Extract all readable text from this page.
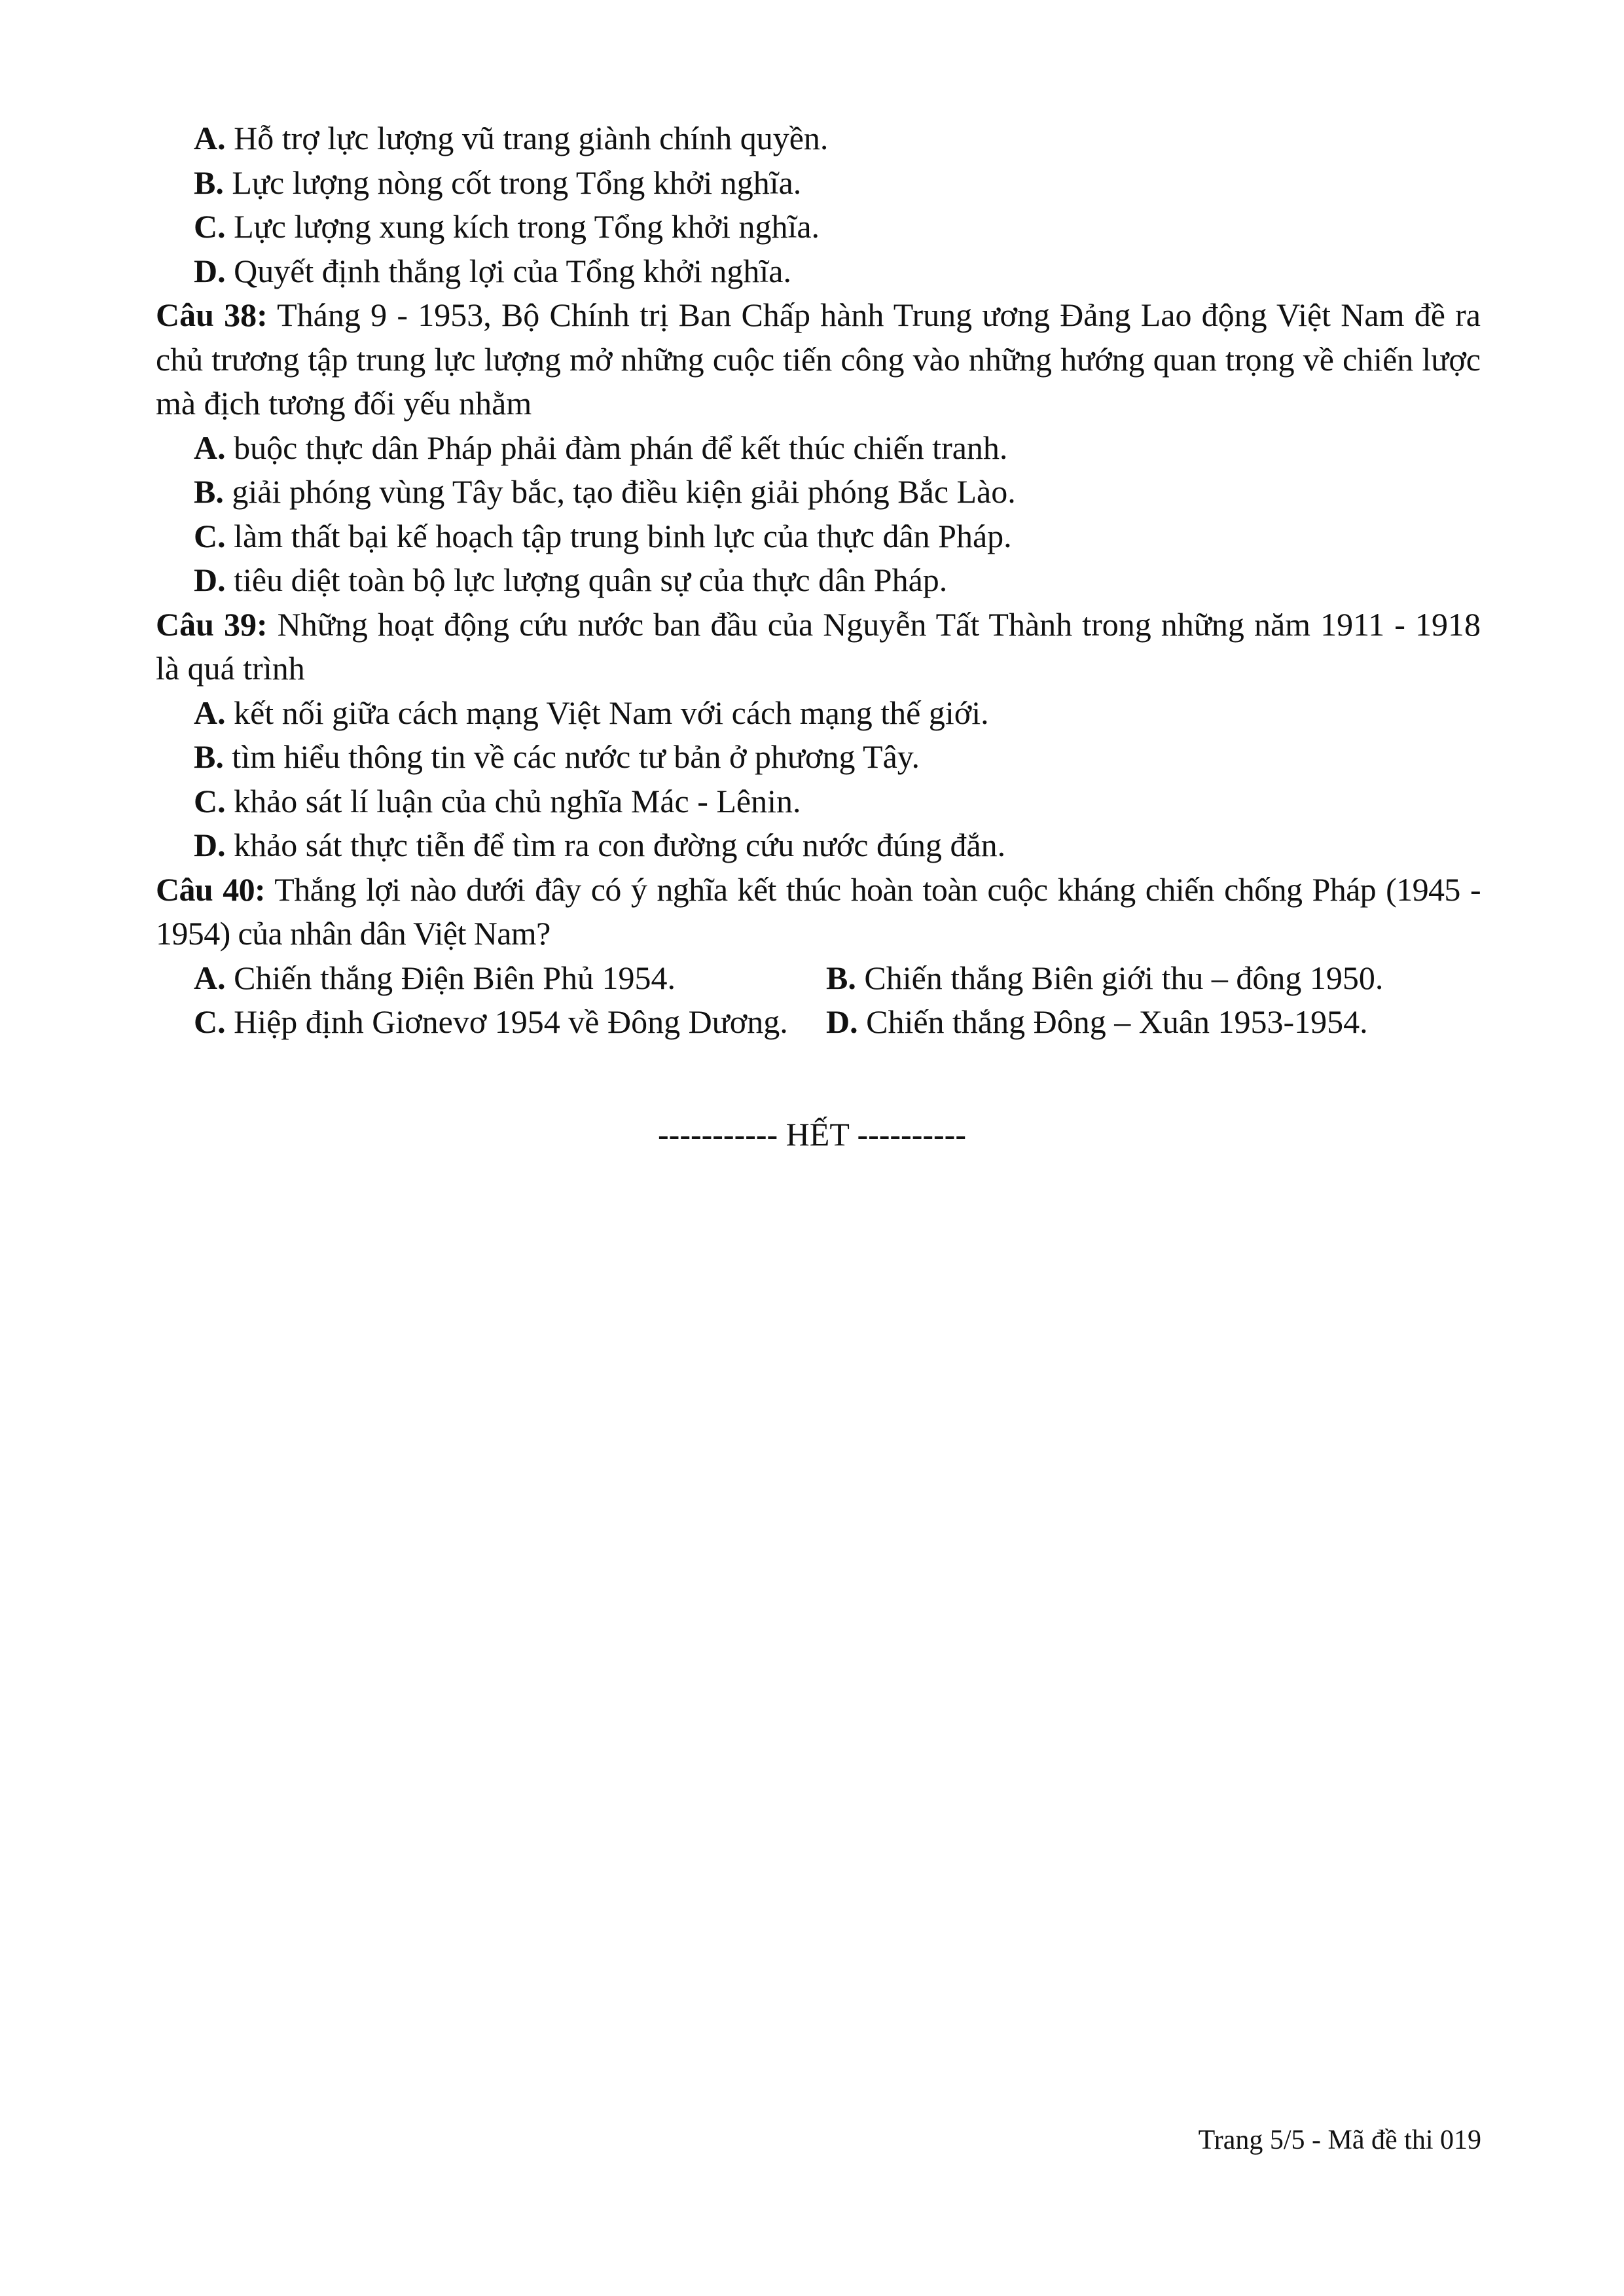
A. Hỗ trợ lực lượng vũ trang giành chính quyền.

B. Lực lượng nòng cốt trong Tổng khởi nghĩa.

C. Lực lượng xung kích trong Tổng khởi nghĩa.

D. Quyết định thắng lợi của Tổng khởi nghĩa.

Câu 38: Tháng 9 - 1953, Bộ Chính trị Ban Chấp hành Trung ương Đảng Lao động Việt Nam đề ra chủ trương tập trung lực lượng mở những cuộc tiến công vào những hướng quan trọng về chiến lược mà địch tương đối yếu nhằm

A. buộc thực dân Pháp phải đàm phán để kết thúc chiến tranh.

B. giải phóng vùng Tây bắc, tạo điều kiện giải phóng Bắc Lào.

C. làm thất bại kế hoạch tập trung binh lực của thực dân Pháp.

D. tiêu diệt toàn bộ lực lượng quân sự của thực dân Pháp.

Câu 39: Những hoạt động cứu nước ban đầu của Nguyễn Tất Thành trong những năm 1911 - 1918 là quá trình

A. kết nối giữa cách mạng Việt Nam với cách mạng thế giới.

B. tìm hiểu thông tin về các nước tư bản ở phương Tây.

C. khảo sát lí luận của chủ nghĩa Mác - Lênin.

D. khảo sát thực tiễn để tìm ra con đường cứu nước đúng đắn.

Câu 40: Thắng lợi nào dưới đây có ý nghĩa kết thúc hoàn toàn cuộc kháng chiến chống Pháp (1945 - 1954) của nhân dân Việt Nam?

A. Chiến thắng Điện Biên Phủ 1954.	B. Chiến thắng Biên giới thu – đông 1950.
C. Hiệp định Giơnevơ 1954 về Đông Dương.	D. Chiến thắng Đông – Xuân 1953-1954.
----------- HẾT ----------
Trang 5/5 - Mã đề thi 019
